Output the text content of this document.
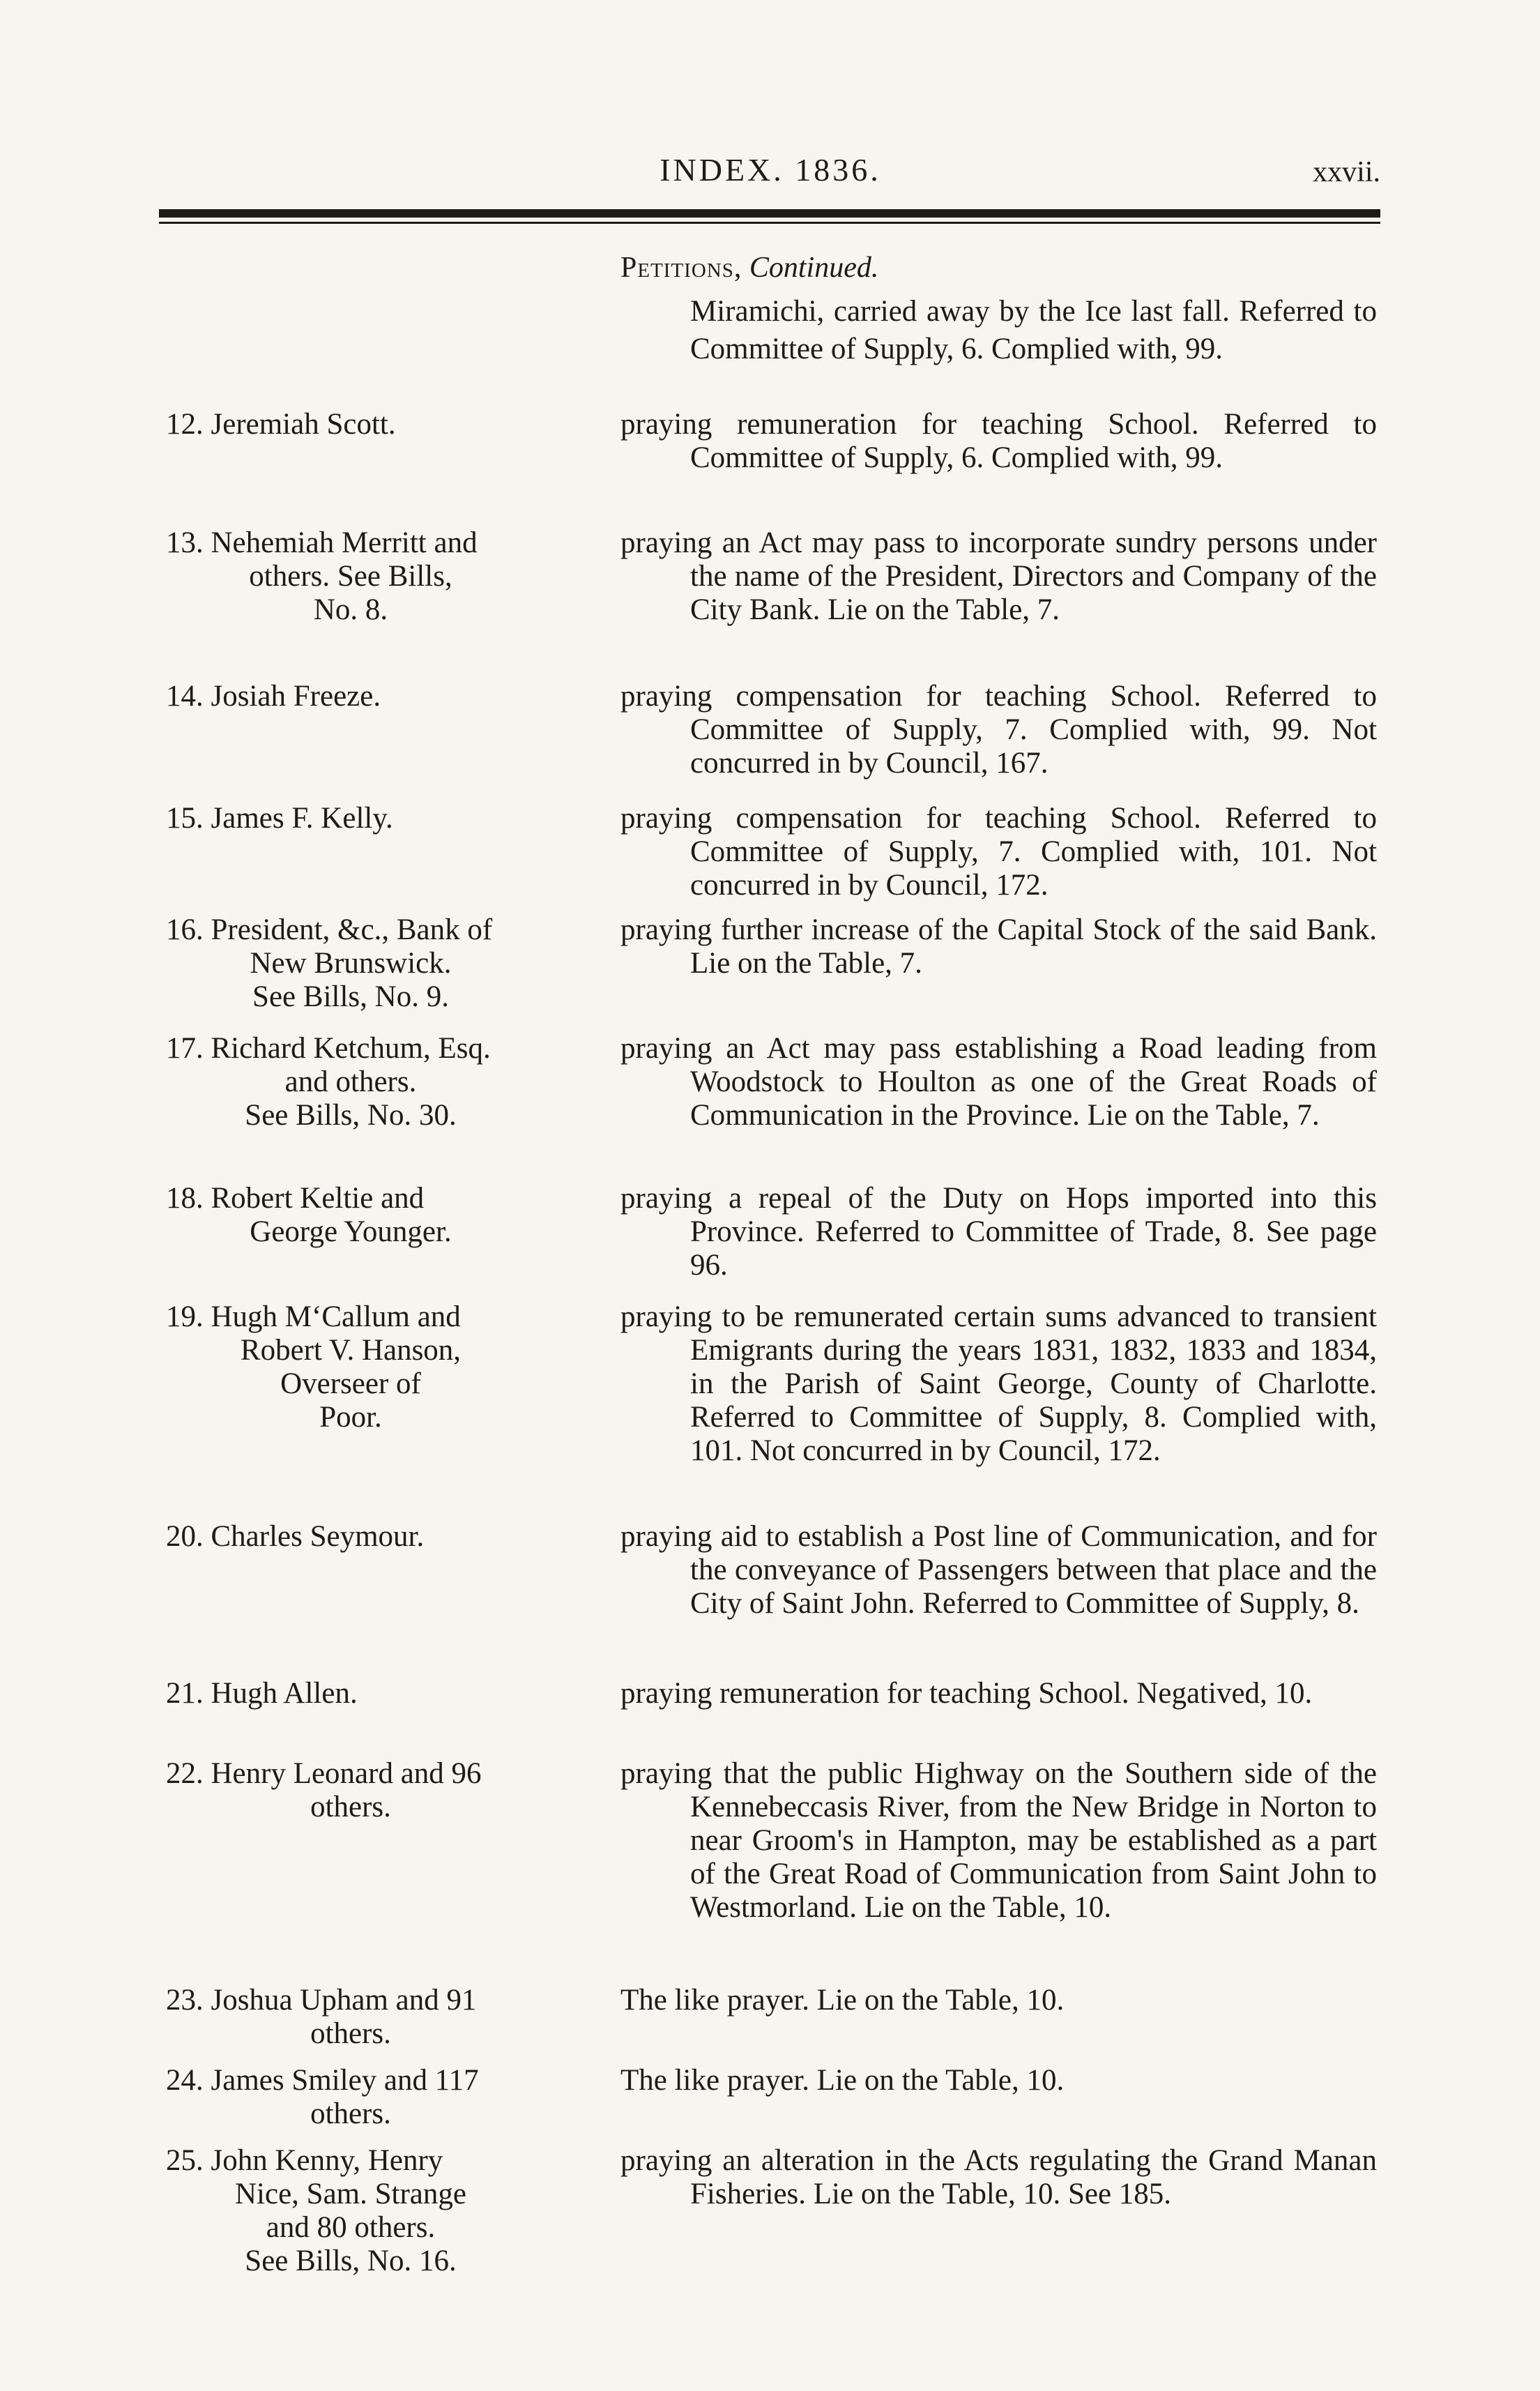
INDEX. 1836.	xxvii.
Petitions, Continued.
Miramichi, carried away by the Ice last fall. Referred to Committee of Supply, 6. Complied with, 99.
12. Jeremiah Scott.	praying remuneration for teaching School. Referred to Committee of Supply, 6. Complied with, 99.
13. Nehemiah Merritt and
others. See Bills,
No. 8.
praying an Act may pass to incorporate sundry persons under the name of the President, Directors and Company of the City Bank. Lie on the Table, 7.
14. Josiah Freeze.	praying compensation for teaching School. Referred to Committee of Supply, 7. Complied with, 99. Not concurred in by Council, 167.
15. James F. Kelly.	praying compensation for teaching School. Referred to Committee of Supply, 7. Complied with, 101. Not concurred in by Council, 172.
16. President, &c., Bank of
New Brunswick.
See Bills, No. 9.
praying further increase of the Capital Stock of the said Bank. Lie on the Table, 7.
17. Richard Ketchum, Esq.
and others.
See Bills, No. 30.
praying an Act may pass establishing a Road leading from Woodstock to Houlton as one of the Great Roads of Communication in the Province. Lie on the Table, 7.
18. Robert Keltie and
George Younger.
praying a repeal of the Duty on Hops imported into this Province. Referred to Committee of Trade, 8. See page 96.
19. Hugh M‘Callum and
Robert V. Hanson,
Overseer of
Poor.
praying to be remunerated certain sums advanced to transient Emigrants during the years 1831, 1832, 1833 and 1834, in the Parish of Saint George, County of Charlotte. Referred to Committee of Supply, 8. Complied with, 101. Not concurred in by Council, 172.
20. Charles Seymour.	praying aid to establish a Post line of Communication, and for the conveyance of Passengers between that place and the City of Saint John. Referred to Committee of Supply, 8.
21. Hugh Allen.	praying remuneration for teaching School. Negatived, 10.
22. Henry Leonard and 96
others.
praying that the public Highway on the Southern side of the Kennebeccasis River, from the New Bridge in Norton to near Groom's in Hampton, may be established as a part of the Great Road of Communication from Saint John to Westmorland. Lie on the Table, 10.
23. Joshua Upham and 91
others.
The like prayer. Lie on the Table, 10.
24. James Smiley and 117
others.
The like prayer. Lie on the Table, 10.
25. John Kenny, Henry
Nice, Sam. Strange
and 80 others.
See Bills, No. 16.
praying an alteration in the Acts regulating the Grand Manan Fisheries. Lie on the Table, 10. See 185.
